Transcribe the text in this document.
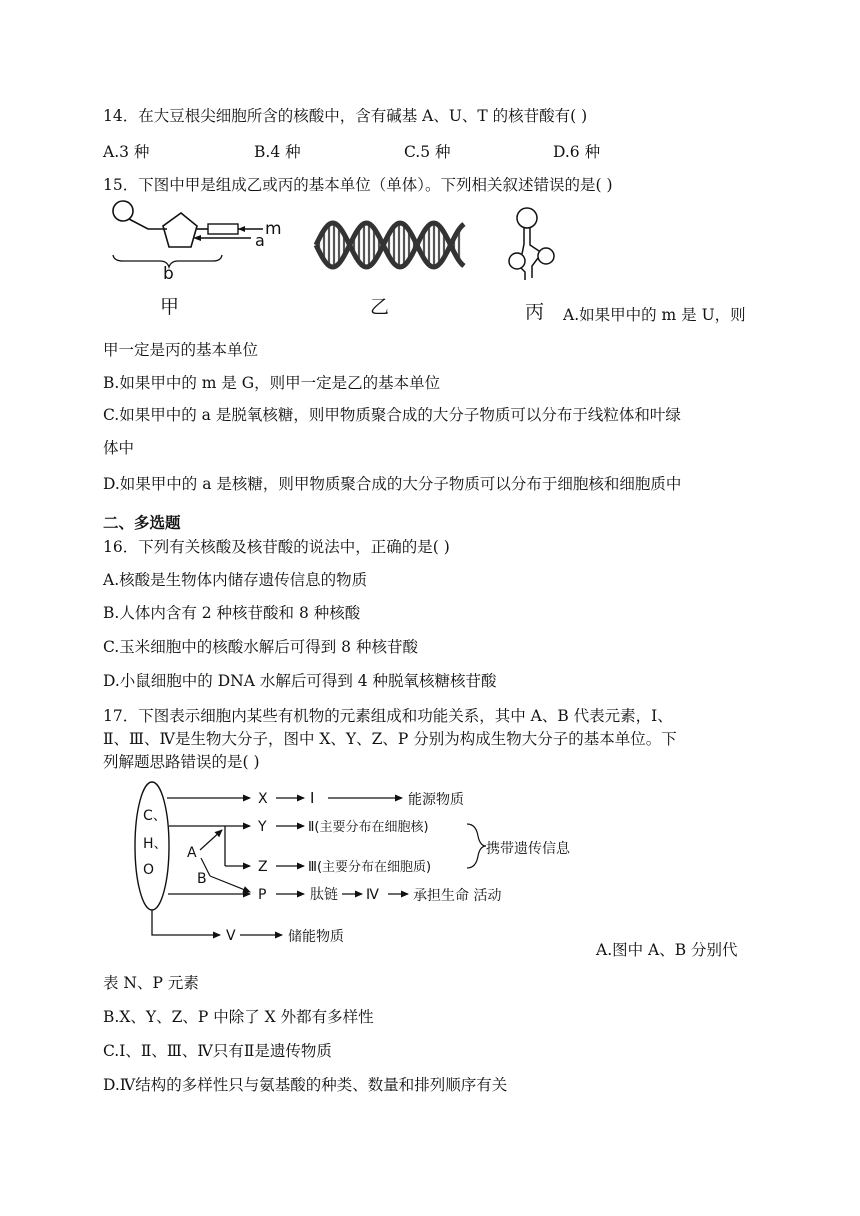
14．在大豆根尖细胞所含的核酸中，含有碱基 A、U、T 的核苷酸有( )
A.3 种	B.4 种	C.5 种	D.6 种
15．下图中甲是组成乙或丙的基本单位（单体）。下列相关叙述错误的是( )
m
a
b
甲	乙	丙 A.如果甲中的 m 是 U，则
甲一定是丙的基本单位
B.如果甲中的 m 是 G，则甲一定是乙的基本单位
C.如果甲中的 a 是脱氧核糖，则甲物质聚合成的大分子物质可以分布于线粒体和叶绿
体中
D.如果甲中的 a 是核糖，则甲物质聚合成的大分子物质可以分布于细胞核和细胞质中
二、多选题
16．下列有关核酸及核苷酸的说法中，正确的是( )
A.核酸是生物体内储存遗传信息的物质
B.人体内含有 2 种核苷酸和 8 种核酸
C.玉米细胞中的核酸水解后可得到 8 种核苷酸
D.小鼠细胞中的 DNA 水解后可得到 4 种脱氧核糖核苷酸
17．下图表示细胞内某些有机物的元素组成和功能关系，其中 A、B 代表元素，Ⅰ、
Ⅱ、Ⅲ、Ⅳ是生物大分子，图中 X、Y、Z、P 分别为构成生物大分子的基本单位。下
列解题思路错误的是( )
C、
H、
O
A
B
X	Ⅰ	能源物质
Y	Ⅱ(主要分布在细胞核)
Z	Ⅲ(主要分布在细胞质)
携带遗传信息
P	肽链 Ⅳ 承担生命 活动
V	储能物质
A.图中 A、B 分别代
表 N、P 元素
B.X、Y、Z、P 中除了 X 外都有多样性
C.Ⅰ、Ⅱ、Ⅲ、Ⅳ只有Ⅱ是遗传物质
D.Ⅳ结构的多样性只与氨基酸的种类、数量和排列顺序有关
